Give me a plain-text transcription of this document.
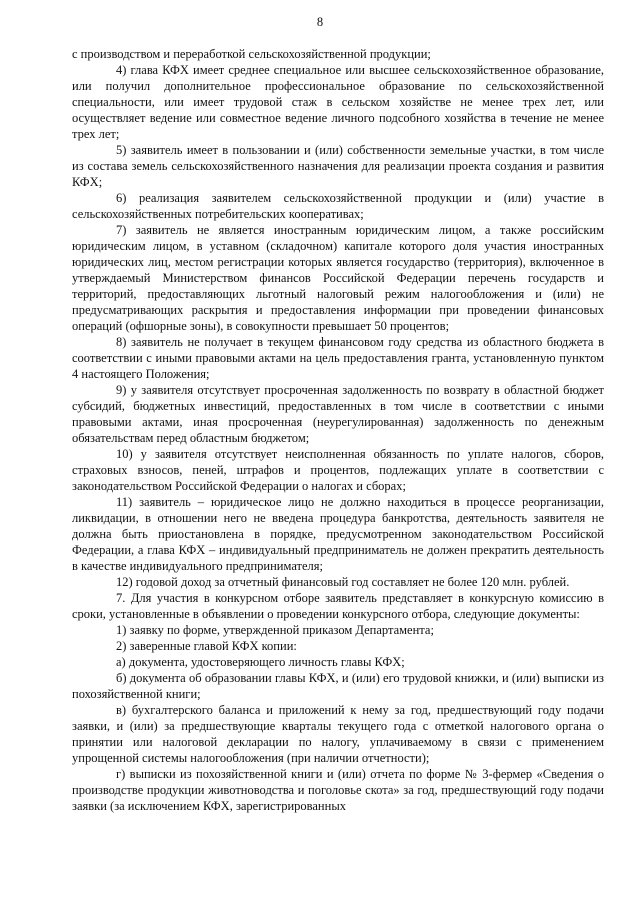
8

с производством и переработкой сельскохозяйственной продукции;

4) глава КФХ имеет среднее специальное или высшее сельскохозяйственное образование, или получил дополнительное профессиональное образование по сельскохозяйственной специальности, или имеет трудовой стаж в сельском хозяйстве не менее трех лет, или осуществляет ведение или совместное ведение личного подсобного хозяйства в течение не менее трех лет;

5) заявитель имеет в пользовании и (или) собственности земельные участки, в том числе из состава земель сельскохозяйственного назначения для реализации проекта создания и развития КФХ;

6) реализация заявителем сельскохозяйственной продукции и (или) участие в сельскохозяйственных потребительских кооперативах;

7) заявитель не является иностранным юридическим лицом, а также российским юридическим лицом, в уставном (складочном) капитале которого доля участия иностранных юридических лиц, местом регистрации которых является государство (территория), включенное в утверждаемый Министерством финансов Российской Федерации перечень государств и территорий, предоставляющих льготный налоговый режим налогообложения и (или) не предусматривающих раскрытия и предоставления информации при проведении финансовых операций (офшорные зоны), в совокупности превышает 50 процентов;

8) заявитель не получает в текущем финансовом году средства из областного бюджета в соответствии с иными правовыми актами на цель предоставления гранта, установленную пунктом 4 настоящего Положения;

9) у заявителя отсутствует просроченная задолженность по возврату в областной бюджет субсидий, бюджетных инвестиций, предоставленных в том числе в соответствии с иными правовыми актами, иная просроченная (неурегулированная) задолженность по денежным обязательствам перед областным бюджетом;

10) у заявителя отсутствует неисполненная обязанность по уплате налогов, сборов, страховых взносов, пеней, штрафов и процентов, подлежащих уплате в соответствии с законодательством Российской Федерации о налогах и сборах;

11) заявитель – юридическое лицо не должно находиться в процессе реорганизации, ликвидации, в отношении него не введена процедура банкротства, деятельность заявителя не должна быть приостановлена в порядке, предусмотренном законодательством Российской Федерации, а глава КФХ – индивидуальный предприниматель не должен прекратить деятельность в качестве индивидуального предпринимателя;

12) годовой доход за отчетный финансовый год составляет не более 120 млн. рублей.

7. Для участия в конкурсном отборе заявитель представляет в конкурсную комиссию в сроки, установленные в объявлении о проведении конкурсного отбора, следующие документы:

1) заявку по форме, утвержденной приказом Департамента;

2) заверенные главой КФХ копии:

а) документа, удостоверяющего личность главы КФХ;

б) документа об образовании главы КФХ, и (или) его трудовой книжки, и (или) выписки из похозяйственной книги;

в) бухгалтерского баланса и приложений к нему за год, предшествующий году подачи заявки, и (или) за предшествующие кварталы текущего года с отметкой налогового органа о принятии или налоговой декларации по налогу, уплачиваемому в связи с применением упрощенной системы налогообложения (при наличии отчетности);

г) выписки из похозяйственной книги и (или) отчета по форме № 3-фермер «Сведения о производстве продукции животноводства и поголовье скота» за год, предшествующий году подачи заявки (за исключением КФХ, зарегистрированных
